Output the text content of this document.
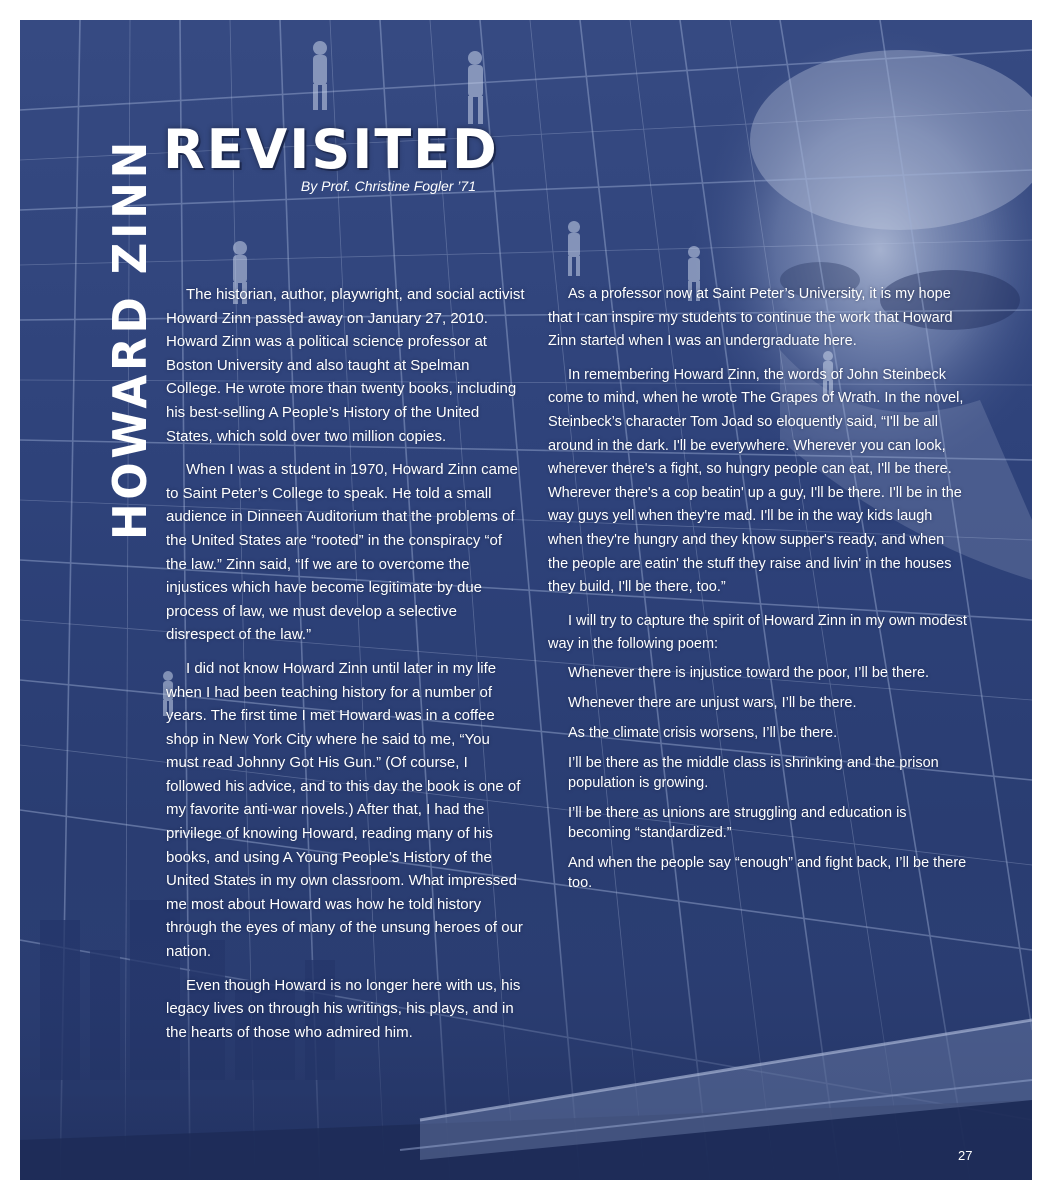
HOWARD ZINN REVISITED
By Prof. Christine Fogler ’71

The historian, author, playwright, and social activist Howard Zinn passed away on January 27, 2010. Howard Zinn was a political science professor at Boston University and also taught at Spelman College. He wrote more than twenty books, including his best-selling A People’s History of the United States, which sold over two million copies.

When I was a student in 1970, Howard Zinn came to Saint Peter’s College to speak. He told a small audience in Dinneen Auditorium that the problems of the United States are “rooted” in the conspiracy “of the law.” Zinn said, “If we are to overcome the injustices which have become legitimate by due process of law, we must develop a selective disrespect of the law.”

I did not know Howard Zinn until later in my life when I had been teaching history for a number of years. The first time I met Howard was in a coffee shop in New York City where he said to me, “You must read Johnny Got His Gun.” (Of course, I followed his advice, and to this day the book is one of my favorite anti-war novels.) After that, I had the privilege of knowing Howard, reading many of his books, and using A Young People’s History of the United States in my own classroom. What impressed me most about Howard was how he told history through the eyes of many of the unsung heroes of our nation.

Even though Howard is no longer here with us, his legacy lives on through his writings, his plays, and in the hearts of those who admired him.

As a professor now at Saint Peter’s University, it is my hope that I can inspire my students to continue the work that Howard Zinn started when I was an undergraduate here.

In remembering Howard Zinn, the words of John Steinbeck come to mind, when he wrote The Grapes of Wrath. In the novel, Steinbeck’s character Tom Joad so eloquently said, “I'll be all around in the dark. I'll be everywhere. Wherever you can look, wherever there's a fight, so hungry people can eat, I'll be there. Wherever there's a cop beatin' up a guy, I'll be there. I'll be in the way guys yell when they're mad. I'll be in the way kids laugh when they're hungry and they know supper's ready, and when the people are eatin' the stuff they raise and livin' in the houses they build, I'll be there, too.”

I will try to capture the spirit of Howard Zinn in my own modest way in the following poem:

Whenever there is injustice toward the poor, I’ll be there.
Whenever there are unjust wars, I’ll be there.
As the climate crisis worsens, I’ll be there.
I’ll be there as the middle class is shrinking and the prison population is growing.
I’ll be there as unions are struggling and education is becoming “standardized.”
And when the people say “enough” and fight back, I’ll be there too.
27
